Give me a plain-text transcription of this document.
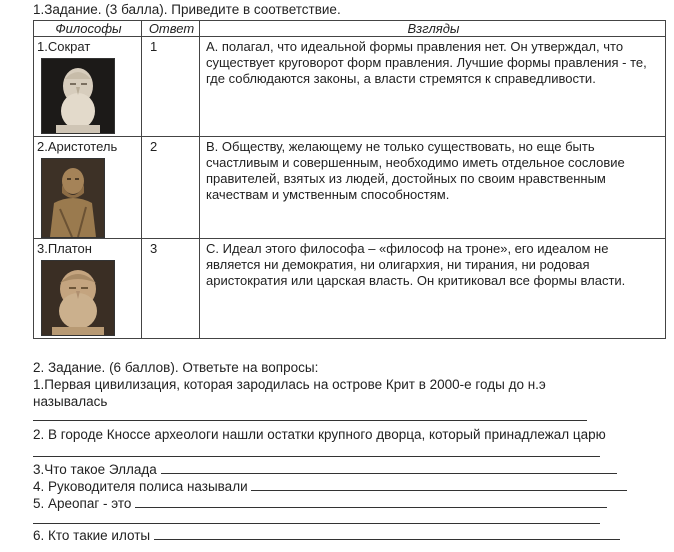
1.Задание. (3 балла). Приведите в соответствие.
Философы	Ответ	Взгляды

1.Сократ	1	А. полагал, что идеальной формы правления нет. Он утверждал, что существует круговорот форм правления. Лучшие формы правления - те, где соблюдаются законы, а власти стремятся к справедливости.

2.Аристотель	2	В. Обществу, желающему не только существовать, но еще быть счастливым и совершенным, необходимо иметь отдельное сословие правителей, взятых из людей, достойных по своим нравственным качествам и умственным способностям.

3.Платон	3	С. Идеал этого философа – «философ на троне», его идеалом не является ни демократия, ни олигархия, ни тирания, ни родовая аристократия или царская власть. Он критиковал все формы власти.
2. Задание. (6 баллов). Ответьте на вопросы:
1.Первая цивилизация, которая зародилась на острове Крит в 2000-е годы до н.э
называлась
2. В городе Кноссе археологи нашли остатки крупного дворца, который принадлежал царю
3.Что такое Эллада
4. Руководителя полиса называли
5. Ареопаг - это
6. Кто такие илоты
